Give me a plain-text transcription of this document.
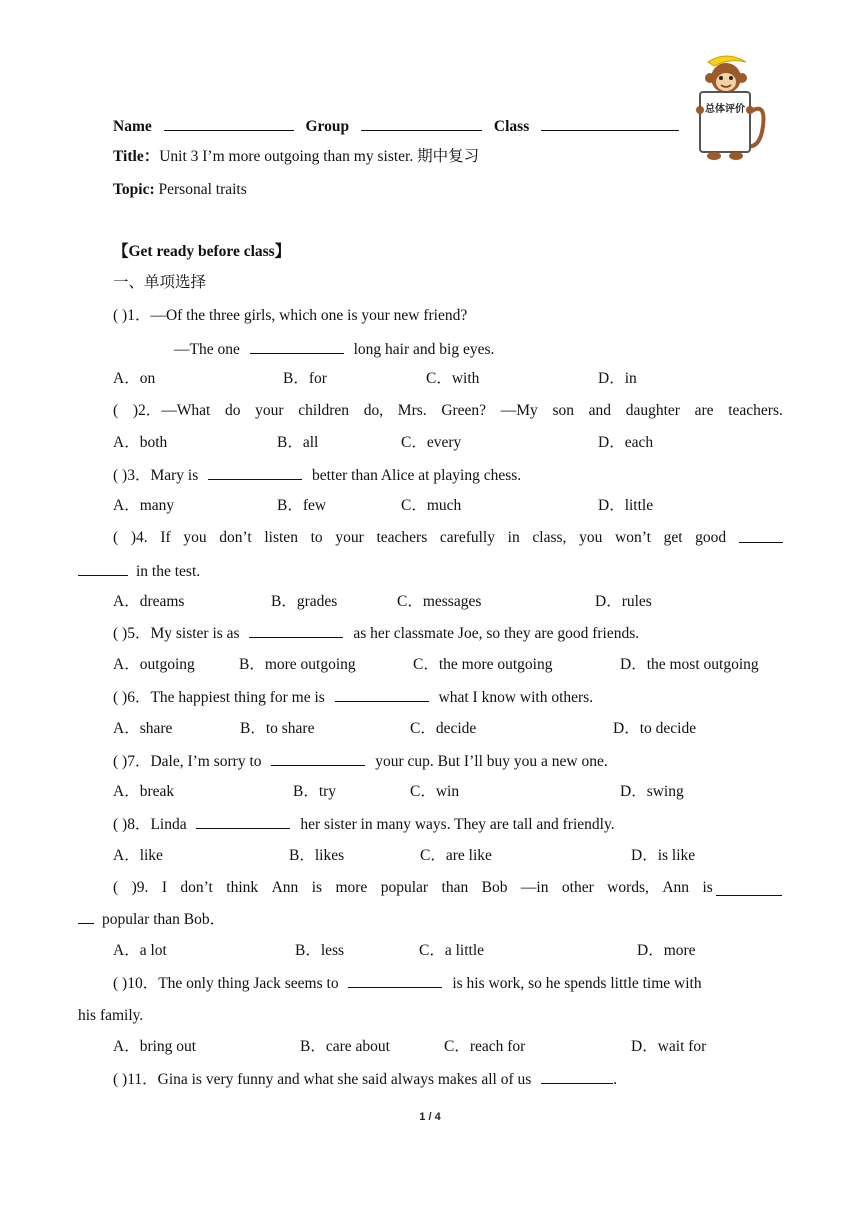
总体评价
Name	Group	Class
Title：Unit 3 I’m more outgoing than my sister. 期中复习
Topic: Personal traits
【Get ready before class】
一、单项选择
( )1．—Of the three girls, which one is your new friend?
—The one	long hair and big eyes.
A．on	B．for	C．with	D．in
( )2．—What do your children do, Mrs. Green? —My son and daughter are teachers.
A．both	B．all	C．every	D．each
( )3．Mary is	better than Alice at playing chess.
A．many	B．few	C．much	D．little
( )4. If you don’t listen to your teachers carefully in class, you won’t get good
in the test.
A．dreams	B．grades	C．messages	D．rules
( )5．My sister is as	as her classmate Joe, so they are good friends.
A．outgoing	B．more outgoing	C．the more outgoing	D．the most outgoing
( )6．The happiest thing for me is	what I know with others.
A．share	B．to share	C．decide	D．to decide
( )7．Dale, I’m sorry to	your cup. But I’ll buy you a new one.
A．break	B．try	C．win	D．swing
( )8．Linda	her sister in many ways. They are tall and friendly.
A．like	B．likes	C．are like	D．is like
( )9. I don’t think Ann is more popular than Bob —in other words, Ann is
popular than Bob．
A．a lot	B．less	C．a little	D．more
( )10．The only thing Jack seems to	is his work, so he spends little time with
his family.
A．bring out	B．care about	C．reach for	D．wait for
( )11．Gina is very funny and what she said always makes all of us	.
1 / 4
